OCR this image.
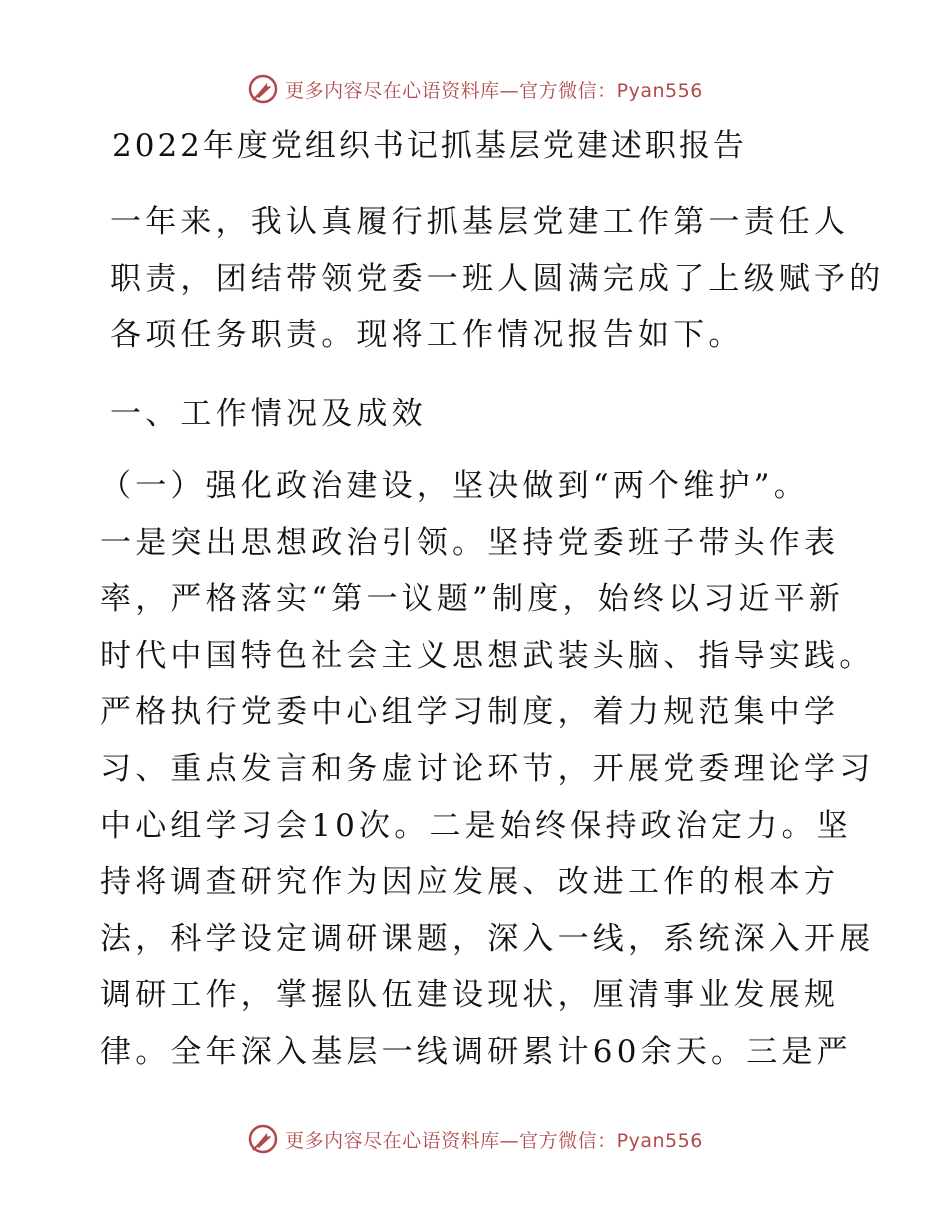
更多内容尽在心语资料库—官方微信：Pyan556
2022年度党组织书记抓基层党建述职报告
一年来，我认真履行抓基层党建工作第一责任人
职责，团结带领党委一班人圆满完成了上级赋予的
各项任务职责。现将工作情况报告如下。
一、工作情况及成效
（一）强化政治建设，坚决做到“两个维护”。
一是突出思想政治引领。坚持党委班子带头作表
率，严格落实“第一议题”制度，始终以习近平新
时代中国特色社会主义思想武装头脑、指导实践。
严格执行党委中心组学习制度，着力规范集中学
习、重点发言和务虚讨论环节，开展党委理论学习
中心组学习会10次。二是始终保持政治定力。坚
持将调查研究作为因应发展、改进工作的根本方
法，科学设定调研课题，深入一线，系统深入开展
调研工作，掌握队伍建设现状，厘清事业发展规
律。全年深入基层一线调研累计60余天。三是严
更多内容尽在心语资料库—官方微信：Pyan556
